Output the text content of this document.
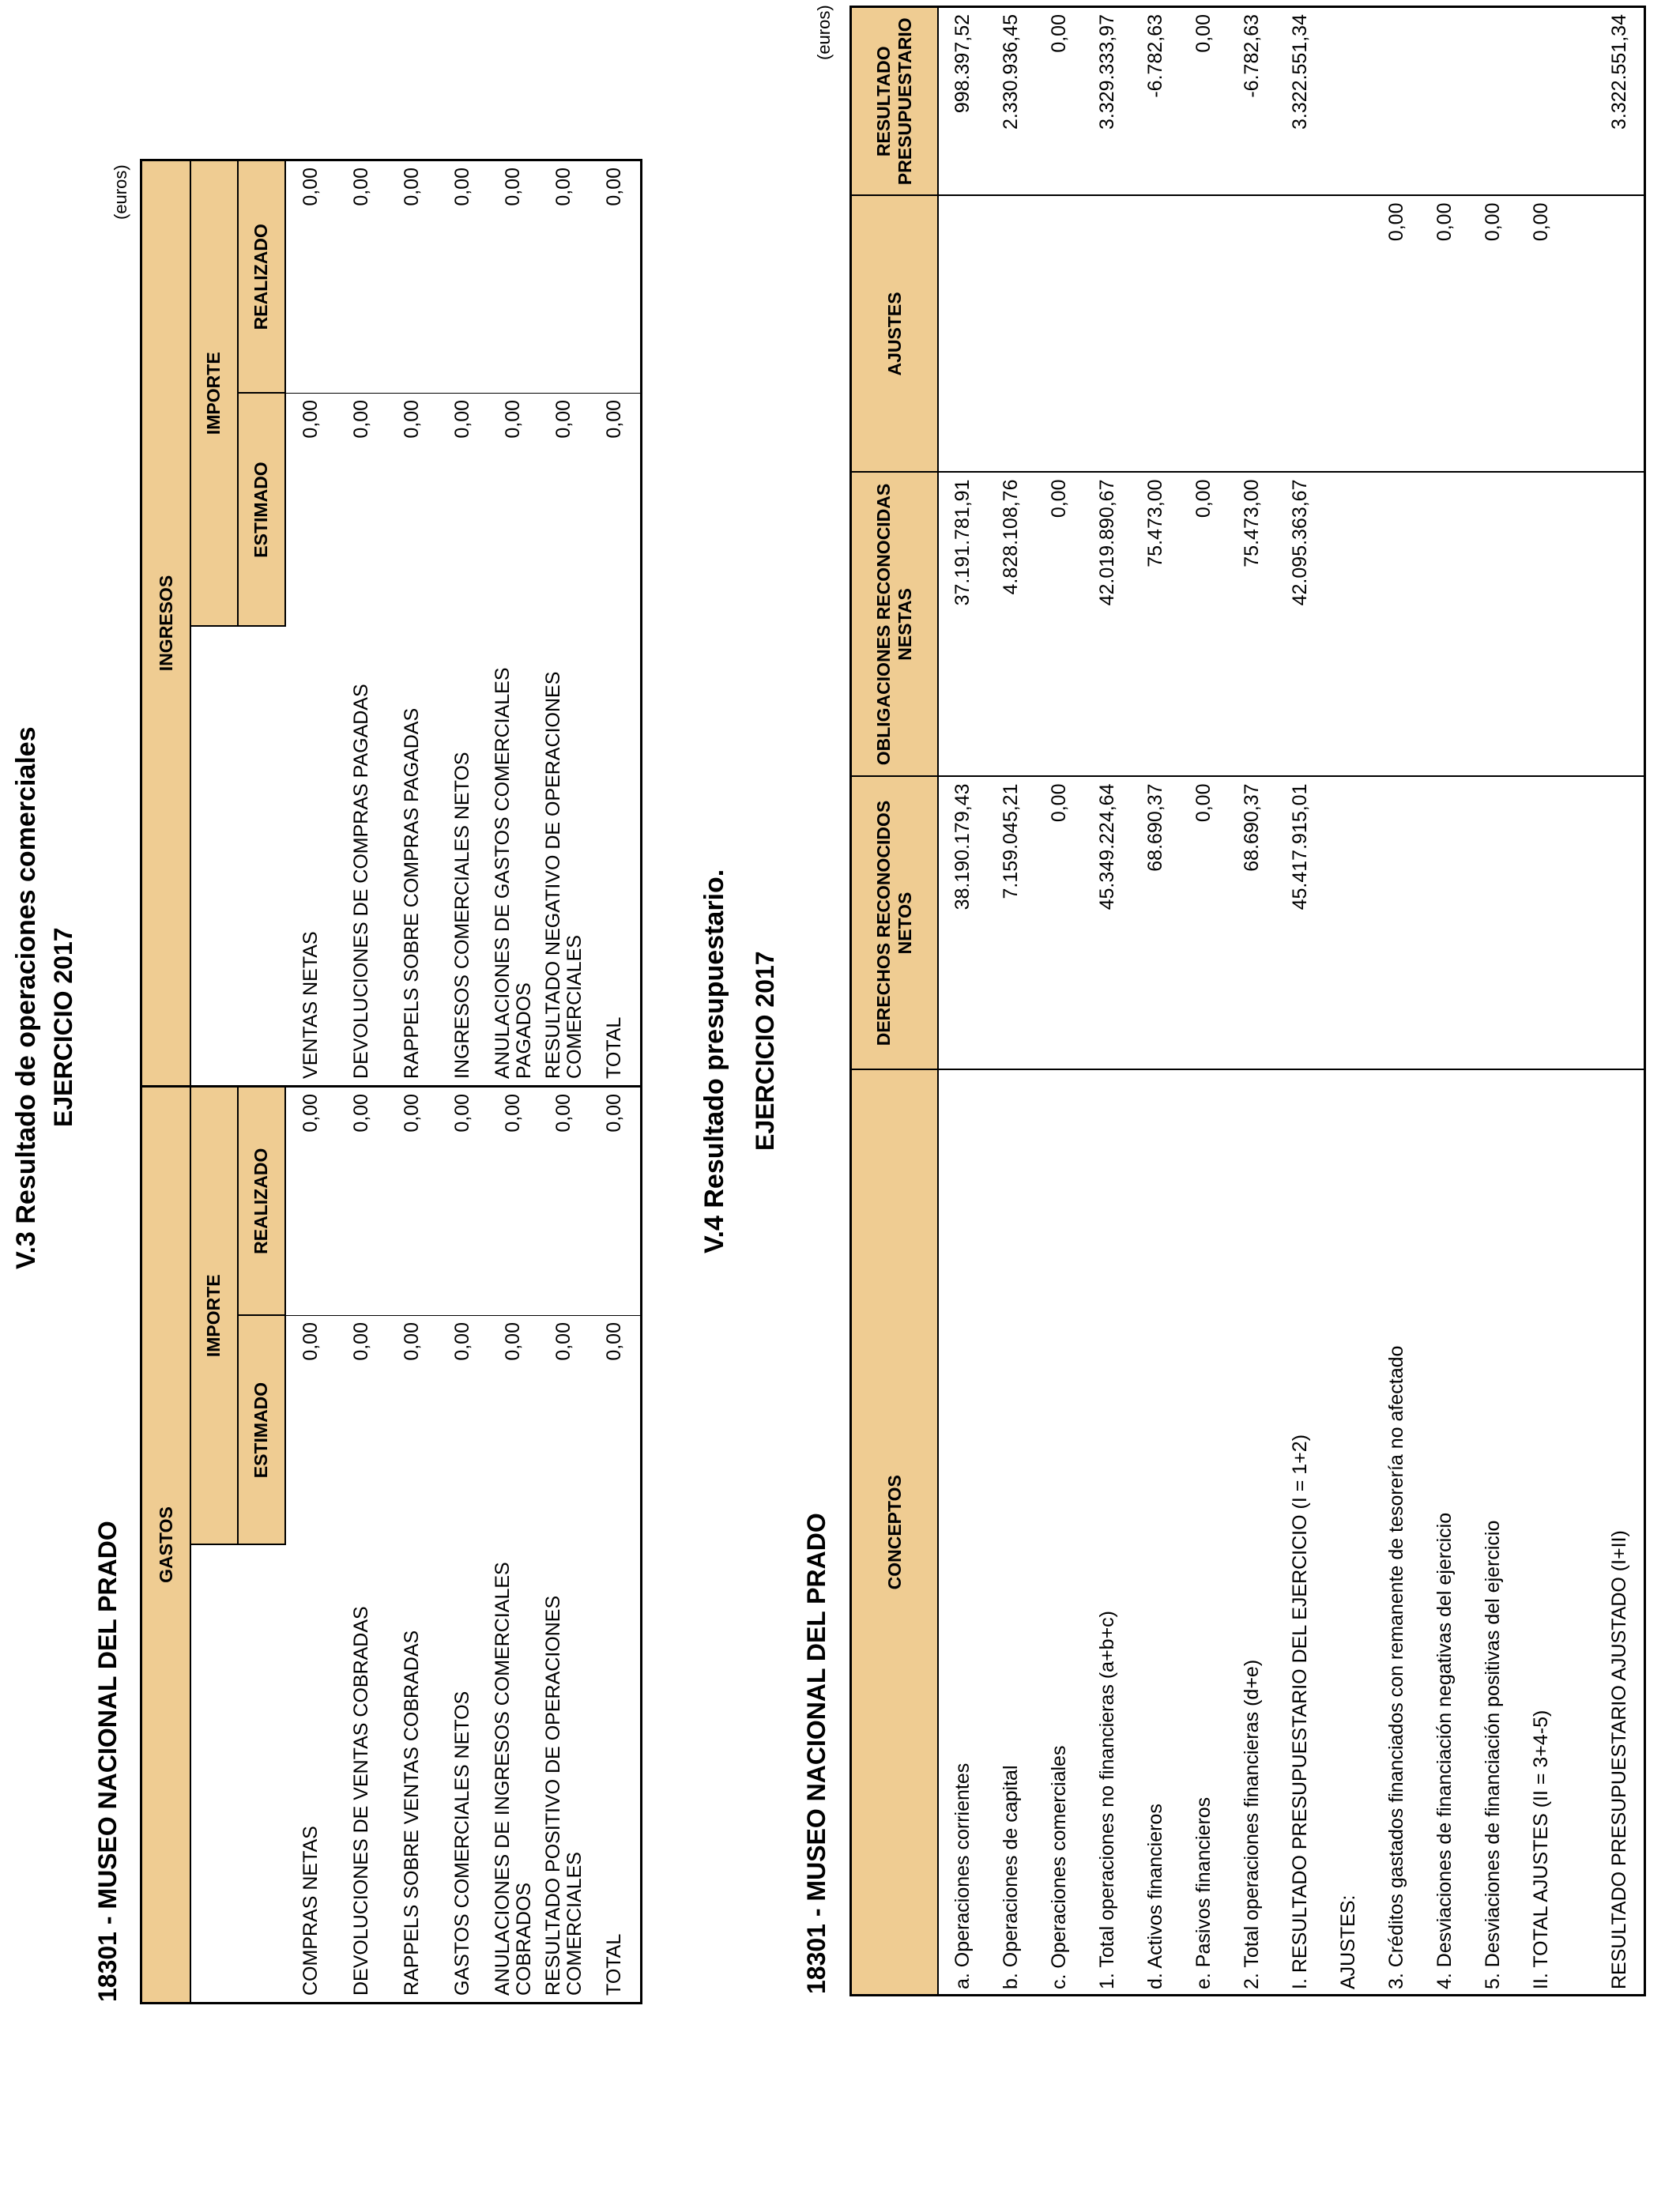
V.3 Resultado de operaciones comerciales EJERCICIO 2017
18301 - MUSEO NACIONAL DEL PRADO
(euros)
GASTOS			INGRESOS		
	IMPORTE			IMPORTE	
	ESTIMADO	REALIZADO		ESTIMADO	REALIZADO
COMPRAS NETAS	0,00	0,00	VENTAS NETAS	0,00	0,00
DEVOLUCIONES DE VENTAS COBRADAS	0,00	0,00	DEVOLUCIONES DE COMPRAS PAGADAS	0,00	0,00
RAPPELS SOBRE VENTAS COBRADAS	0,00	0,00	RAPPELS SOBRE COMPRAS PAGADAS	0,00	0,00
GASTOS COMERCIALES NETOS	0,00	0,00	INGRESOS COMERCIALES NETOS	0,00	0,00
ANULACIONES DE INGRESOS COMERCIALES COBRADOS	0,00	0,00	ANULACIONES DE GASTOS COMERCIALES PAGADOS	0,00	0,00
RESULTADO POSITIVO DE OPERACIONES COMERCIALES	0,00	0,00	RESULTADO NEGATIVO DE OPERACIONES COMERCIALES	0,00	0,00
TOTAL	0,00	0,00	TOTAL	0,00	0,00
V.4 Resultado presupuestario. EJERCICIO 2017
18301 - MUSEO NACIONAL DEL PRADO
(euros)
CONCEPTOS	DERECHOS RECONOCIDOS NETOS	OBLIGACIONES RECONOCIDAS NESTAS	AJUSTES	RESULTADO PRESUPUESTARIO
a. Operaciones corrientes	38.190.179,43	37.191.781,91		998.397,52
b. Operaciones de capital	7.159.045,21	4.828.108,76		2.330.936,45
c. Operaciones comerciales	0,00	0,00		0,00
1. Total operaciones no financieras (a+b+c)	45.349.224,64	42.019.890,67		3.329.333,97
d. Activos financieros	68.690,37	75.473,00		-6.782,63
e. Pasivos financieros	0,00	0,00		0,00
2. Total operaciones financieras (d+e)	68.690,37	75.473,00		-6.782,63
I. RESULTADO PRESUPUESTARIO DEL EJERCICIO (I = 1+2)	45.417.915,01	42.095.363,67		3.322.551,34
AJUSTES:				
3. Créditos gastados financiados con remanente de tesorería no afectado			0,00	
4. Desviaciones de financiación negativas del ejercicio			0,00	
5. Desviaciones de financiación positivas del ejercicio			0,00	
II. TOTAL AJUSTES (II = 3+4-5)			0,00	

RESULTADO PRESUPUESTARIO AJUSTADO (I+II)				3.322.551,34
